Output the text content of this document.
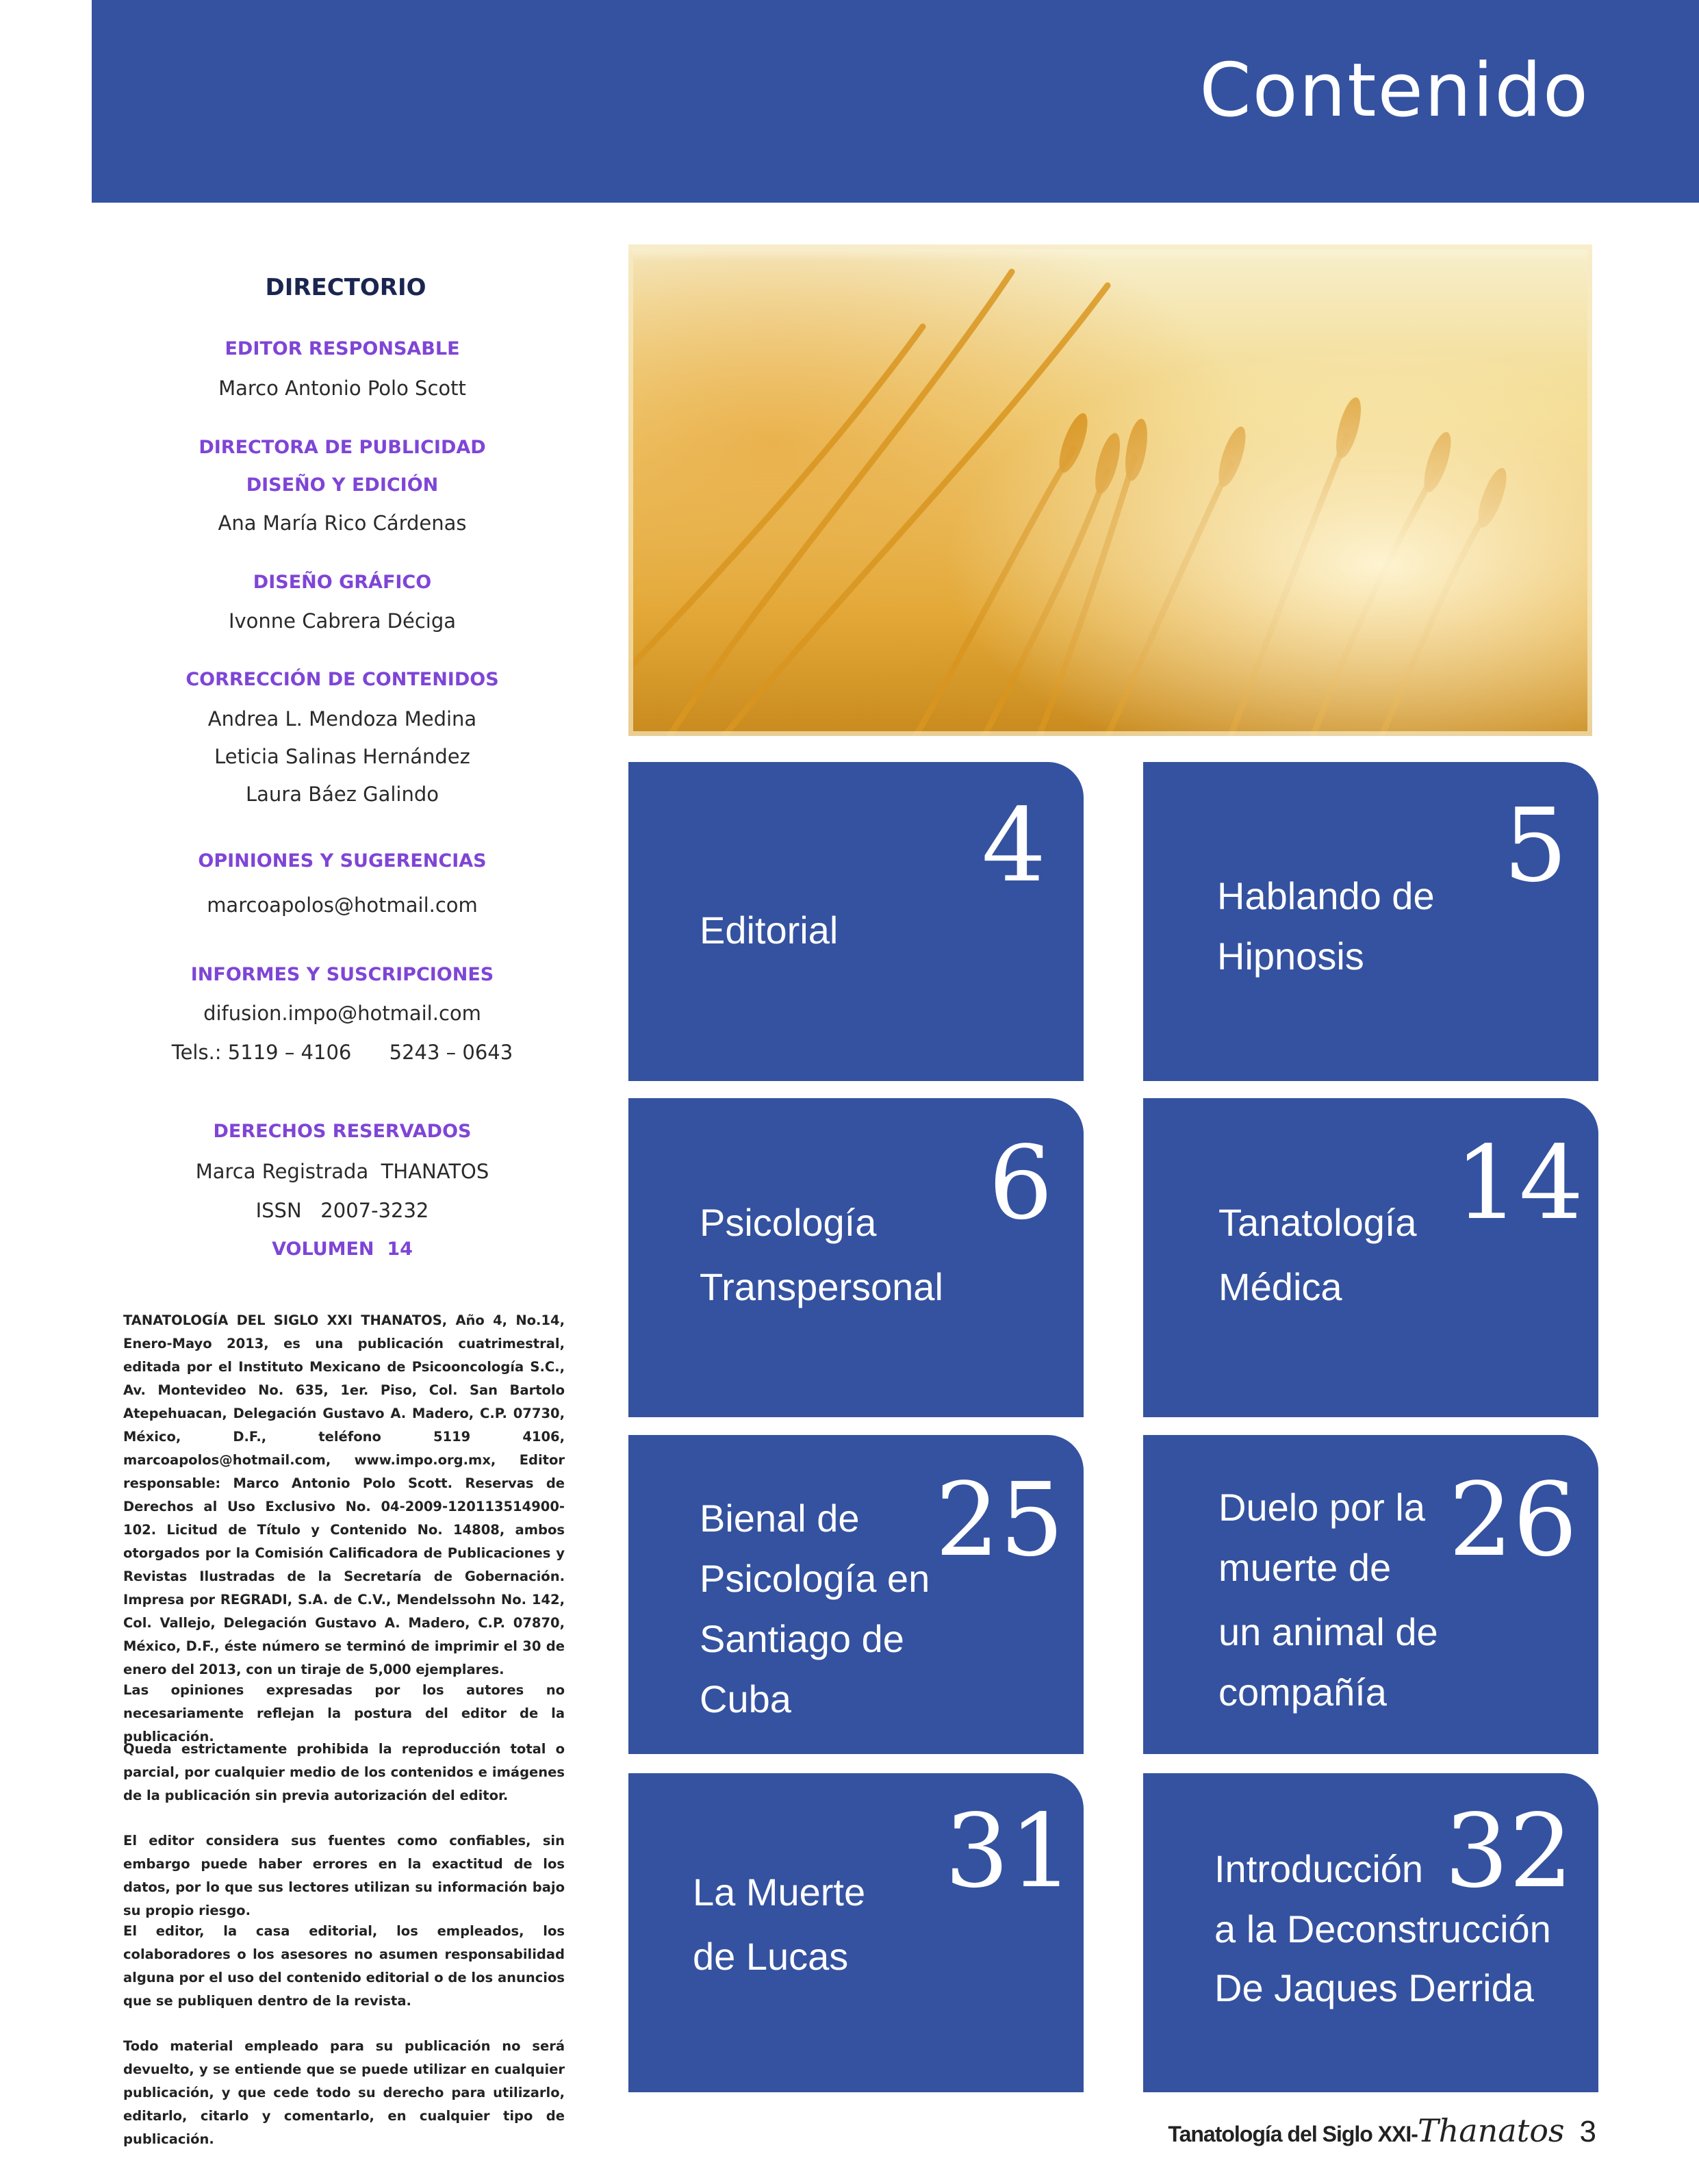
Contenido
DIRECTORIO
EDITOR RESPONSABLE
Marco Antonio Polo Scott
DIRECTORA DE PUBLICIDAD
DISEÑO Y EDICIÓN
Ana María Rico Cárdenas
DISEÑO GRÁFICO
Ivonne Cabrera Déciga
CORRECCIÓN DE CONTENIDOS
Andrea L. Mendoza Medina
Leticia Salinas Hernández
Laura Báez Galindo
OPINIONES Y SUGERENCIAS
marcoapolos@hotmail.com
INFORMES Y SUSCRIPCIONES
difusion.impo@hotmail.com
Tels.: 5119 – 4106      5243 – 0643
DERECHOS RESERVADOS
Marca Registrada  THANATOS
ISSN   2007-3232
VOLUMEN  14
TANATOLOGÍA DEL SIGLO XXI THANATOS, Año 4, No.14, Enero-Mayo 2013, es una publicación cuatrimestral, editada por el Instituto Mexicano de Psicooncología S.C., Av. Montevideo No. 635, 1er. Piso, Col. San Bartolo Atepehuacan, Delegación Gustavo A. Madero, C.P. 07730, México, D.F., teléfono 5119 4106, marcoapolos@hotmail.com, www.impo.org.mx, Editor responsable: Marco Antonio Polo Scott. Reservas de Derechos al Uso Exclusivo No. 04-2009-120113514900-102. Licitud de Título y Contenido No. 14808, ambos otorgados por la Comisión Calificadora de Publicaciones y Revistas Ilustradas de la Secretaría de Gobernación. Impresa por REGRADI, S.A. de C.V., Mendelssohn No. 142, Col. Vallejo, Delegación Gustavo A. Madero, C.P. 07870, México, D.F., éste número se terminó de imprimir el 30 de enero del 2013, con un tiraje de 5,000 ejemplares.
Las opiniones expresadas por los autores no necesariamente reflejan la postura del editor de la publicación.
Queda estrictamente prohibida la reproducción total o parcial, por cualquier medio de los contenidos e imágenes de la publicación sin previa autorización del editor.
El editor considera sus fuentes como confiables, sin embargo puede haber errores en la exactitud de los datos, por lo que sus lectores utilizan su información bajo su propio riesgo.
El editor, la casa editorial, los empleados, los colaboradores o los asesores no asumen responsabilidad alguna por el uso del contenido editorial o de los anuncios que se publiquen dentro de la revista.
Todo material empleado para su publicación no será devuelto, y se entiende que se puede utilizar en cualquier publicación, y que cede todo su derecho para utilizarlo, editarlo, citarlo y comentarlo, en cualquier tipo de publicación.
4
Editorial
5
Hablando de
Hipnosis
6
Psicología
Transpersonal
14
Tanatología
Médica
25
Bienal de
Psicología en
Santiago de
Cuba
26
Duelo por la
muerte de
un animal de
compañía
31
La Muerte
de Lucas
32
Introducción
a la Deconstrucción
De Jaques Derrida
Tanatología del Siglo XXI-Thanatos 3
